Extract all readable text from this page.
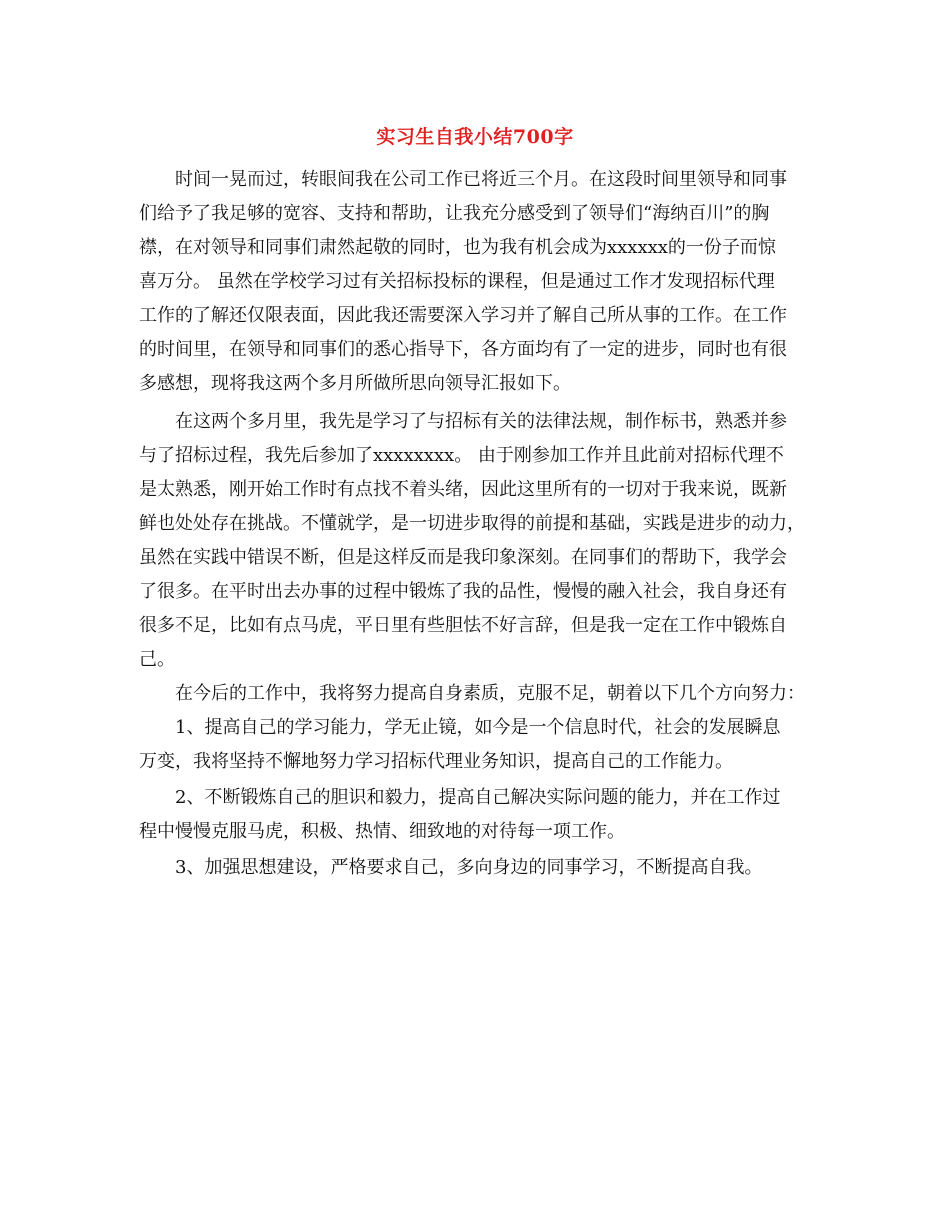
实习生自我小结700字
　　时间一晃而过，转眼间我在公司工作已将近三个月。在这段时间里领导和同事
们给予了我足够的宽容、支持和帮助，让我充分感受到了领导们“海纳百川”的胸
襟，在对领导和同事们肃然起敬的同时，也为我有机会成为xxxxxx的一份子而惊
喜万分。 虽然在学校学习过有关招标投标的课程，但是通过工作才发现招标代理
工作的了解还仅限表面，因此我还需要深入学习并了解自己所从事的工作。在工作
的时间里，在领导和同事们的悉心指导下，各方面均有了一定的进步，同时也有很
多感想，现将我这两个多月所做所思向领导汇报如下。
　　在这两个多月里，我先是学习了与招标有关的法律法规，制作标书，熟悉并参
与了招标过程，我先后参加了xxxxxxxx。 由于刚参加工作并且此前对招标代理不
是太熟悉，刚开始工作时有点找不着头绪，因此这里所有的一切对于我来说，既新
鲜也处处存在挑战。不懂就学，是一切进步取得的前提和基础，实践是进步的动力，
虽然在实践中错误不断，但是这样反而是我印象深刻。在同事们的帮助下，我学会
了很多。在平时出去办事的过程中锻炼了我的品性，慢慢的融入社会，我自身还有
很多不足，比如有点马虎，平日里有些胆怯不好言辞，但是我一定在工作中锻炼自
己。
　　在今后的工作中，我将努力提高自身素质，克服不足，朝着以下几个方向努力：
　　1、提高自己的学习能力，学无止镜，如今是一个信息时代，社会的发展瞬息
万变，我将坚持不懈地努力学习招标代理业务知识，提高自己的工作能力。
　　2、不断锻炼自己的胆识和毅力，提高自己解决实际问题的能力，并在工作过
程中慢慢克服马虎，积极、热情、细致地的对待每一项工作。
　　3、加强思想建设，严格要求自己，多向身边的同事学习，不断提高自我。
